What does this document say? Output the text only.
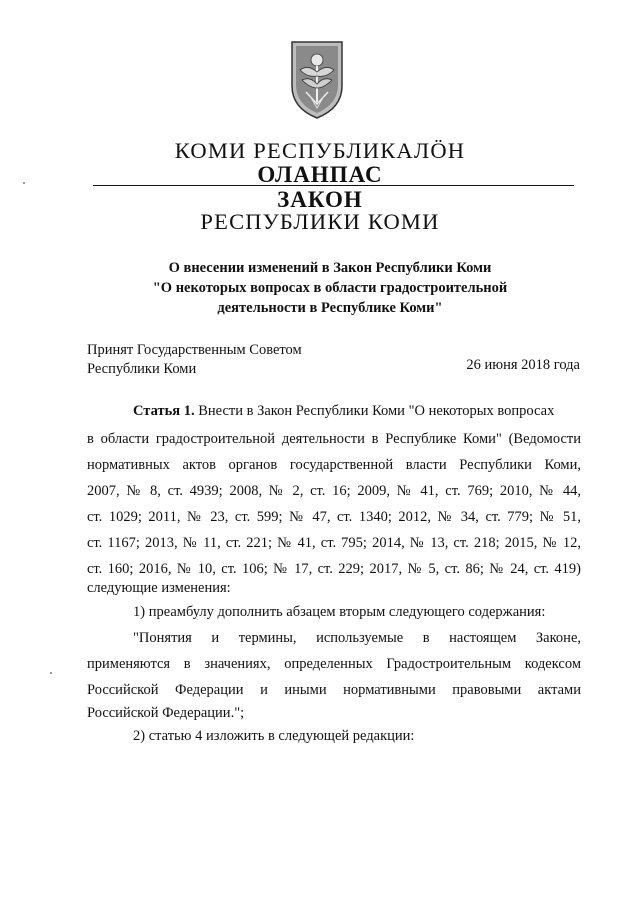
КОМИ РЕСПУБЛИКАЛÖН
ОЛАНПАС
ЗАКОН
РЕСПУБЛИКИ КОМИ
О внесении изменений в Закон Республики Коми
"О некоторых вопросах в области градостроительной
деятельности в Республике Коми"
Принят Государственным Советом
Республики Коми	26 июня 2018 года
Статья 1. Внести в Закон Республики Коми "О некоторых вопросах
в области градостроительной деятельности в Республике Коми" (Ведомости
нормативных актов органов государственной власти Республики Коми,
2007, № 8, ст. 4939; 2008, № 2, ст. 16; 2009, № 41, ст. 769; 2010, № 44,
ст. 1029; 2011, № 23, ст. 599; № 47, ст. 1340; 2012, № 34, ст. 779; № 51,
ст. 1167; 2013, № 11, ст. 221; № 41, ст. 795; 2014, № 13, ст. 218; 2015, № 12,
ст. 160; 2016, № 10, ст. 106; № 17, ст. 229; 2017, № 5, ст. 86; № 24, ст. 419)
следующие изменения:
1) преамбулу дополнить абзацем вторым следующего содержания:
"Понятия и термины, используемые в настоящем Законе,
применяются в значениях, определенных Градостроительным кодексом
Российской Федерации и иными нормативными правовыми актами
Российской Федерации.";
2) статью 4 изложить в следующей редакции:
